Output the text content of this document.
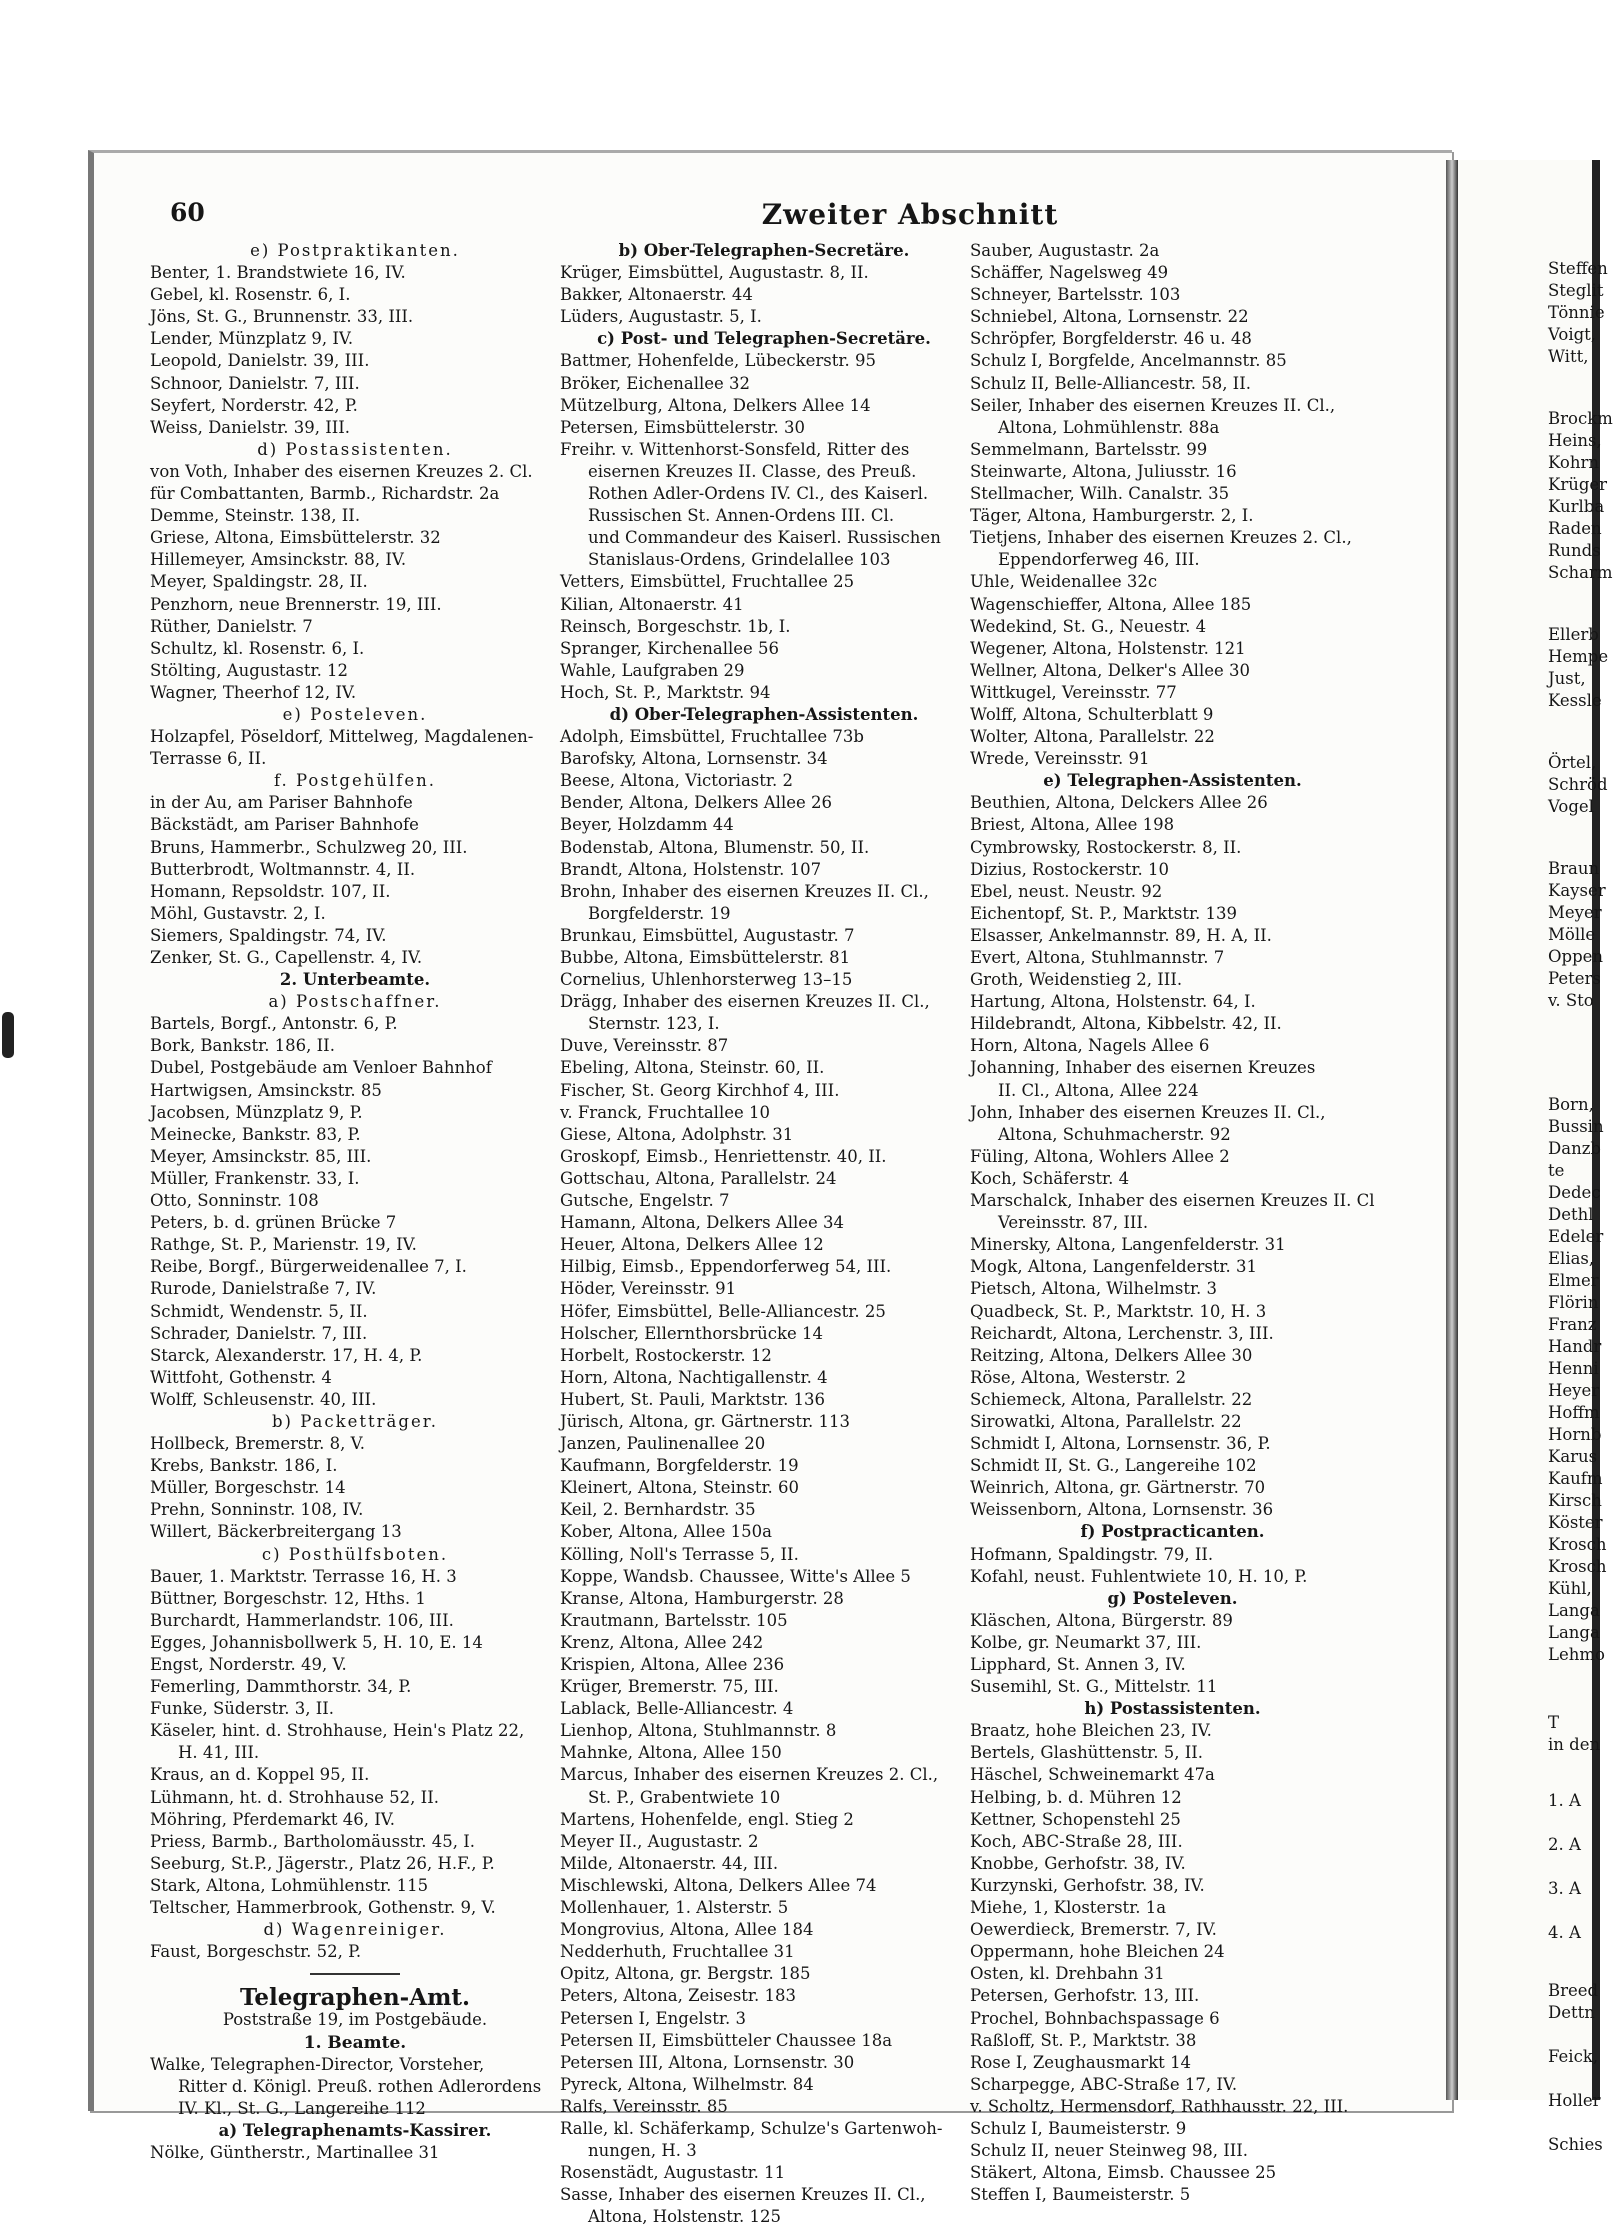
60	Zweiter Abschnitt
e) Postpraktikanten.
Benter, 1. Brandstwiete 16, IV.
Gebel, kl. Rosenstr. 6, I.
Jöns, St. G., Brunnenstr. 33, III.
Lender, Münzplatz 9, IV.
Leopold, Danielstr. 39, III.
Schnoor, Danielstr. 7, III.
Seyfert, Norderstr. 42, P.
Weiss, Danielstr. 39, III.
d) Postassistenten.
von Voth, Inhaber des eisernen Kreuzes 2. Cl.
für Combattanten, Barmb., Richardstr. 2a
Demme, Steinstr. 138, II.
Griese, Altona, Eimsbüttelerstr. 32
Hillemeyer, Amsinckstr. 88, IV.
Meyer, Spaldingstr. 28, II.
Penzhorn, neue Brennerstr. 19, III.
Rüther, Danielstr. 7
Schultz, kl. Rosenstr. 6, I.
Stölting, Augustastr. 12
Wagner, Theerhof 12, IV.
e) Posteleven.
Holzapfel, Pöseldorf, Mittelweg, Magdalenen-
Terrasse 6, II.
f. Postgehülfen.
in der Au, am Pariser Bahnhofe
Bäckstädt, am Pariser Bahnhofe
Bruns, Hammerbr., Schulzweg 20, III.
Butterbrodt, Woltmannstr. 4, II.
Homann, Repsoldstr. 107, II.
Möhl, Gustavstr. 2, I.
Siemers, Spaldingstr. 74, IV.
Zenker, St. G., Capellenstr. 4, IV.
2. Unterbeamte.
a) Postschaffner.
Bartels, Borgf., Antonstr. 6, P.
Bork, Bankstr. 186, II.
Dubel, Postgebäude am Venloer Bahnhof
Hartwigsen, Amsinckstr. 85
Jacobsen, Münzplatz 9, P.
Meinecke, Bankstr. 83, P.
Meyer, Amsinckstr. 85, III.
Müller, Frankenstr. 33, I.
Otto, Sonninstr. 108
Peters, b. d. grünen Brücke 7
Rathge, St. P., Marienstr. 19, IV.
Reibe, Borgf., Bürgerweidenallee 7, I.
Rurode, Danielstraße 7, IV.
Schmidt, Wendenstr. 5, II.
Schrader, Danielstr. 7, III.
Starck, Alexanderstr. 17, H. 4, P.
Wittfoht, Gothenstr. 4
Wolff, Schleusenstr. 40, III.
b) Packetträger.
Hollbeck, Bremerstr. 8, V.
Krebs, Bankstr. 186, I.
Müller, Borgeschstr. 14
Prehn, Sonninstr. 108, IV.
Willert, Bäckerbreitergang 13
c) Posthülfsboten.
Bauer, 1. Marktstr. Terrasse 16, H. 3
Büttner, Borgeschstr. 12, Hths. 1
Burchardt, Hammerlandstr. 106, III.
Egges, Johannisbollwerk 5, H. 10, E. 14
Engst, Norderstr. 49, V.
Femerling, Dammthorstr. 34, P.
Funke, Süderstr. 3, II.
Käseler, hint. d. Strohhause, Hein's Platz 22,
H. 41, III.
Kraus, an d. Koppel 95, II.
Lühmann, ht. d. Strohhause 52, II.
Möhring, Pferdemarkt 46, IV.
Priess, Barmb., Bartholomäusstr. 45, I.
Seeburg, St.P., Jägerstr., Platz 26, H.F., P.
Stark, Altona, Lohmühlenstr. 115
Teltscher, Hammerbrook, Gothenstr. 9, V.
d) Wagenreiniger.
Faust, Borgeschstr. 52, P.
Telegraphen-Amt.
Poststraße 19, im Postgebäude.
1. Beamte.
Walke, Telegraphen-Director, Vorsteher,
Ritter d. Königl. Preuß. rothen Adlerordens
IV. Kl., St. G., Langereihe 112
a) Telegraphenamts-Kassirer.
Nölke, Güntherstr., Martinallee 31
b) Ober-Telegraphen-Secretäre.
Krüger, Eimsbüttel, Augustastr. 8, II.
Bakker, Altonaerstr. 44
Lüders, Augustastr. 5, I.
c) Post- und Telegraphen-Secretäre.
Battmer, Hohenfelde, Lübeckerstr. 95
Bröker, Eichenallee 32
Mützelburg, Altona, Delkers Allee 14
Petersen, Eimsbüttelerstr. 30
Freihr. v. Wittenhorst-Sonsfeld, Ritter des
eisernen Kreuzes II. Classe, des Preuß.
Rothen Adler-Ordens IV. Cl., des Kaiserl.
Russischen St. Annen-Ordens III. Cl.
und Commandeur des Kaiserl. Russischen
Stanislaus-Ordens, Grindelallee 103
Vetters, Eimsbüttel, Fruchtallee 25
Kilian, Altonaerstr. 41
Reinsch, Borgeschstr. 1b, I.
Spranger, Kirchenallee 56
Wahle, Laufgraben 29
Hoch, St. P., Marktstr. 94
d) Ober-Telegraphen-Assistenten.
Adolph, Eimsbüttel, Fruchtallee 73b
Barofsky, Altona, Lornsenstr. 34
Beese, Altona, Victoriastr. 2
Bender, Altona, Delkers Allee 26
Beyer, Holzdamm 44
Bodenstab, Altona, Blumenstr. 50, II.
Brandt, Altona, Holstenstr. 107
Brohn, Inhaber des eisernen Kreuzes II. Cl.,
Borgfelderstr. 19
Brunkau, Eimsbüttel, Augustastr. 7
Bubbe, Altona, Eimsbüttelerstr. 81
Cornelius, Uhlenhorsterweg 13–15
Drägg, Inhaber des eisernen Kreuzes II. Cl.,
Sternstr. 123, I.
Duve, Vereinsstr. 87
Ebeling, Altona, Steinstr. 60, II.
Fischer, St. Georg Kirchhof 4, III.
v. Franck, Fruchtallee 10
Giese, Altona, Adolphstr. 31
Groskopf, Eimsb., Henriettenstr. 40, II.
Gottschau, Altona, Parallelstr. 24
Gutsche, Engelstr. 7
Hamann, Altona, Delkers Allee 34
Heuer, Altona, Delkers Allee 12
Hilbig, Eimsb., Eppendorferweg 54, III.
Höder, Vereinsstr. 91
Höfer, Eimsbüttel, Belle-Alliancestr. 25
Holscher, Ellernthorsbrücke 14
Horbelt, Rostockerstr. 12
Horn, Altona, Nachtigallenstr. 4
Hubert, St. Pauli, Marktstr. 136
Jürisch, Altona, gr. Gärtnerstr. 113
Janzen, Paulinenallee 20
Kaufmann, Borgfelderstr. 19
Kleinert, Altona, Steinstr. 60
Keil, 2. Bernhardstr. 35
Kober, Altona, Allee 150a
Kölling, Noll's Terrasse 5, II.
Koppe, Wandsb. Chaussee, Witte's Allee 5
Kranse, Altona, Hamburgerstr. 28
Krautmann, Bartelsstr. 105
Krenz, Altona, Allee 242
Krispien, Altona, Allee 236
Krüger, Bremerstr. 75, III.
Lablack, Belle-Alliancestr. 4
Lienhop, Altona, Stuhlmannstr. 8
Mahnke, Altona, Allee 150
Marcus, Inhaber des eisernen Kreuzes 2. Cl.,
St. P., Grabentwiete 10
Martens, Hohenfelde, engl. Stieg 2
Meyer II., Augustastr. 2
Milde, Altonaerstr. 44, III.
Mischlewski, Altona, Delkers Allee 74
Mollenhauer, 1. Alsterstr. 5
Mongrovius, Altona, Allee 184
Nedderhuth, Fruchtallee 31
Opitz, Altona, gr. Bergstr. 185
Peters, Altona, Zeisestr. 183
Petersen I, Engelstr. 3
Petersen II, Eimsbütteler Chaussee 18a
Petersen III, Altona, Lornsenstr. 30
Pyreck, Altona, Wilhelmstr. 84
Ralfs, Vereinsstr. 85
Ralle, kl. Schäferkamp, Schulze's Gartenwoh-
nungen, H. 3
Rosenstädt, Augustastr. 11
Sasse, Inhaber des eisernen Kreuzes II. Cl.,
Altona, Holstenstr. 125
Sauber, Augustastr. 2a
Schäffer, Nagelsweg 49
Schneyer, Bartelsstr. 103
Schniebel, Altona, Lornsenstr. 22
Schröpfer, Borgfelderstr. 46 u. 48
Schulz I, Borgfelde, Ancelmannstr. 85
Schulz II, Belle-Alliancestr. 58, II.
Seiler, Inhaber des eisernen Kreuzes II. Cl.,
Altona, Lohmühlenstr. 88a
Semmelmann, Bartelsstr. 99
Steinwarte, Altona, Juliusstr. 16
Stellmacher, Wilh. Canalstr. 35
Täger, Altona, Hamburgerstr. 2, I.
Tietjens, Inhaber des eisernen Kreuzes 2. Cl.,
Eppendorferweg 46, III.
Uhle, Weidenallee 32c
Wagenschieffer, Altona, Allee 185
Wedekind, St. G., Neuestr. 4
Wegener, Altona, Holstenstr. 121
Wellner, Altona, Delker's Allee 30
Wittkugel, Vereinsstr. 77
Wolff, Altona, Schulterblatt 9
Wolter, Altona, Parallelstr. 22
Wrede, Vereinsstr. 91
e) Telegraphen-Assistenten.
Beuthien, Altona, Delckers Allee 26
Briest, Altona, Allee 198
Cymbrowsky, Rostockerstr. 8, II.
Dizius, Rostockerstr. 10
Ebel, neust. Neustr. 92
Eichentopf, St. P., Marktstr. 139
Elsasser, Ankelmannstr. 89, H. A, II.
Evert, Altona, Stuhlmannstr. 7
Groth, Weidenstieg 2, III.
Hartung, Altona, Holstenstr. 64, I.
Hildebrandt, Altona, Kibbelstr. 42, II.
Horn, Altona, Nagels Allee 6
Johanning, Inhaber des eisernen Kreuzes
II. Cl., Altona, Allee 224
John, Inhaber des eisernen Kreuzes II. Cl.,
Altona, Schuhmacherstr. 92
Füling, Altona, Wohlers Allee 2
Koch, Schäferstr. 4
Marschalck, Inhaber des eisernen Kreuzes II. Cl
Vereinsstr. 87, III.
Minersky, Altona, Langenfelderstr. 31
Mogk, Altona, Langenfelderstr. 31
Pietsch, Altona, Wilhelmstr. 3
Quadbeck, St. P., Marktstr. 10, H. 3
Reichardt, Altona, Lerchenstr. 3, III.
Reitzing, Altona, Delkers Allee 30
Röse, Altona, Westerstr. 2
Schiemeck, Altona, Parallelstr. 22
Sirowatki, Altona, Parallelstr. 22
Schmidt I, Altona, Lornsenstr. 36, P.
Schmidt II, St. G., Langereihe 102
Weinrich, Altona, gr. Gärtnerstr. 70
Weissenborn, Altona, Lornsenstr. 36
f) Postpracticanten.
Hofmann, Spaldingstr. 79, II.
Kofahl, neust. Fuhlentwiete 10, H. 10, P.
g) Posteleven.
Kläschen, Altona, Bürgerstr. 89
Kolbe, gr. Neumarkt 37, III.
Lipphard, St. Annen 3, IV.
Susemihl, St. G., Mittelstr. 11
h) Postassistenten.
Braatz, hohe Bleichen 23, IV.
Bertels, Glashüttenstr. 5, II.
Häschel, Schweinemarkt 47a
Helbing, b. d. Mühren 12
Kettner, Schopenstehl 25
Koch, ABC-Straße 28, III.
Knobbe, Gerhofstr. 38, IV.
Kurzynski, Gerhofstr. 38, IV.
Miehe, 1, Klosterstr. 1a
Oewerdieck, Bremerstr. 7, IV.
Oppermann, hohe Bleichen 24
Osten, kl. Drehbahn 31
Petersen, Gerhofstr. 13, III.
Prochel, Bohnbachspassage 6
Raßloff, St. P., Marktstr. 38
Rose I, Zeughausmarkt 14
Scharpegge, ABC-Straße 17, IV.
v. Scholtz, Hermensdorf, Rathhausstr. 22, III.
Schulz I, Baumeisterstr. 9
Schulz II, neuer Steinweg 98, III.
Stäkert, Altona, Eimsb. Chaussee 25
Steffen I, Baumeisterstr. 5
Steffen
Steglit
Tönnie
Voigt,
Witt,
Brockm
Heins,
Kohrn
Krüger
Kurlba
Raden
Runds
Scharm
Ellerb
Hempe
Just,
Kessle
Örtel,
Schröd
Vogel
Braun
Kayser
Meyer
Mölle
Oppen
Peters
v. Sto
Born,
Bussin
Danzb
te
Dedec
Dethl
Edeler
Elias,
Elmer
Flörin
Franz
Handr
Henni
Heyer
Hoffm
Hornb
Karus
Kaufm
Kirsch
Köster
Krosch
Krosch
Kühl,
Langa
Langa
Lehmo
T
in den
1. A
2. A
3. A
4. A
Breed
Dettn
Feick,
Holler
Schies
